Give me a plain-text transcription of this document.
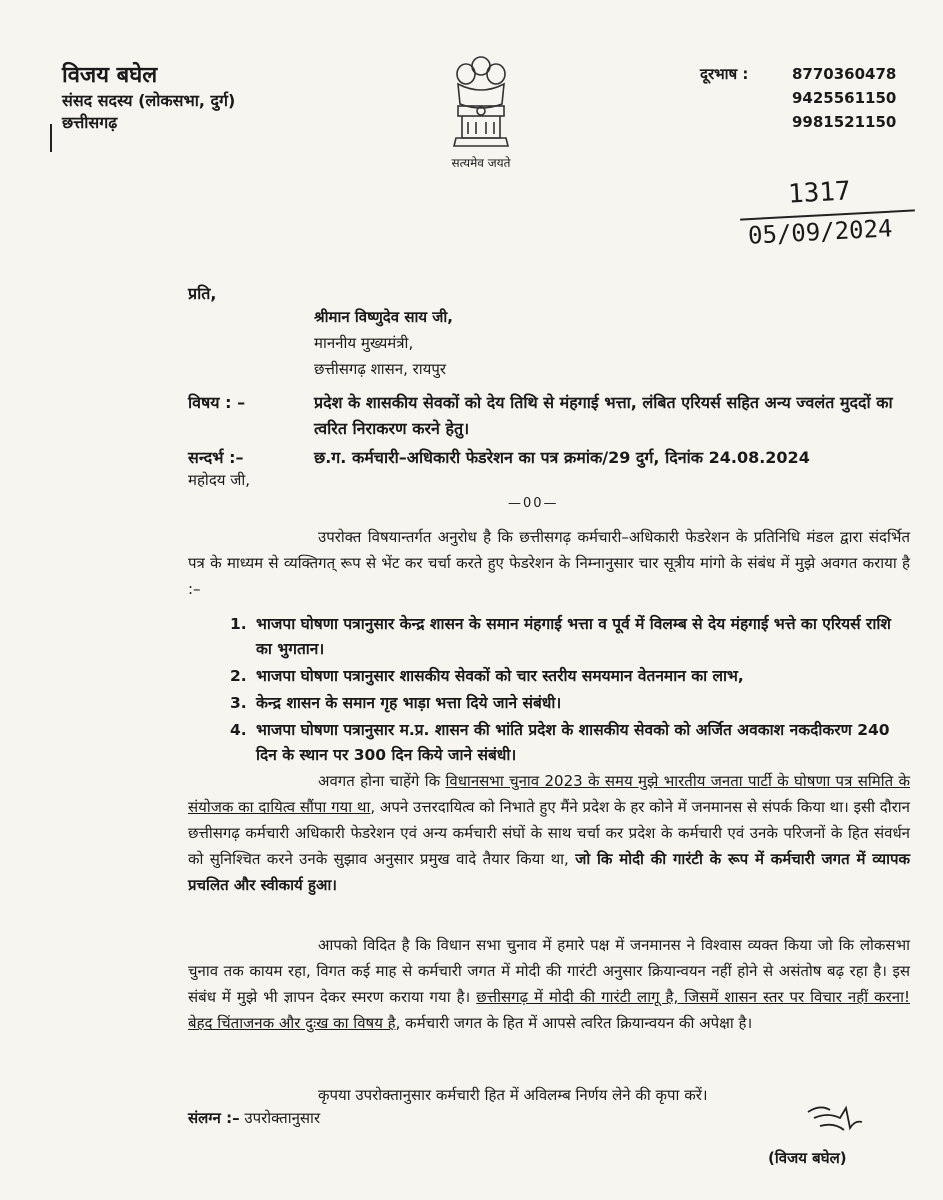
विजय बघेल
संसद सदस्य (लोकसभा, दुर्ग)
छत्तीसगढ़
सत्यमेव जयते
दूरभाष :	8770360478
9425561150
9981521150
1317
05/09/2024
प्रति,
श्रीमान विष्णुदेव साय जी,
माननीय मुख्यमंत्री,
छत्तीसगढ़ शासन, रायपुर
विषय : –	प्रदेश के शासकीय सेवकों को देय तिथि से मंहगाई भत्ता, लंबित एरियर्स सहित अन्य ज्वलंत मुददों का त्वरित निराकरण करने हेतु।
सन्दर्भ :–	छ.ग. कर्मचारी–अधिकारी फेडरेशन का पत्र क्रमांक/29 दुर्ग, दिनांक 24.08.2024
महोदय जी,
—00—
उपरोक्त विषयान्तर्गत अनुरोध है कि छत्तीसगढ़ कर्मचारी–अधिकारी फेडरेशन के प्रतिनिधि मंडल द्वारा संदर्भित पत्र के माध्यम से व्यक्तिगत् रूप से भेंट कर चर्चा करते हुए फेडरेशन के निम्नानुसार चार सूत्रीय मांगो के संबंध में मुझे अवगत कराया है :–
1. भाजपा घोषणा पत्रानुसार केन्द्र शासन के समान मंहगाई भत्ता व पूर्व में विलम्ब से देय मंहगाई भत्ते का एरियर्स राशि का भुगतान।
2. भाजपा घोषणा पत्रानुसार शासकीय सेवकों को चार स्तरीय समयमान वेतनमान का लाभ,
3. केन्द्र शासन के समान गृह भाड़ा भत्ता दिये जाने संबंधी।
4. भाजपा घोषणा पत्रानुसार म.प्र. शासन की भांति प्रदेश के शासकीय सेवको को अर्जित अवकाश नकदीकरण 240 दिन के स्थान पर 300 दिन किये जाने संबंधी।
अवगत होना चाहेंगे कि विधानसभा चुनाव 2023 के समय मुझे भारतीय जनता पार्टी के घोषणा पत्र समिति के संयोजक का दायित्व सौंपा गया था, अपने उत्तरदायित्व को निभाते हुए मैंने प्रदेश के हर कोने में जनमानस से संपर्क किया था। इसी दौरान छत्तीसगढ़ कर्मचारी अधिकारी फेडरेशन एवं अन्य कर्मचारी संघों के साथ चर्चा कर प्रदेश के कर्मचारी एवं उनके परिजनों के हित संवर्धन को सुनिश्चित करने उनके सुझाव अनुसार प्रमुख वादे तैयार किया था, जो कि मोदी की गारंटी के रूप में कर्मचारी जगत में व्यापक प्रचलित और स्वीकार्य हुआ।
आपको विदित है कि विधान सभा चुनाव में हमारे पक्ष में जनमानस ने विश्वास व्यक्त किया जो कि लोकसभा चुनाव तक कायम रहा, विगत कई माह से कर्मचारी जगत में मोदी की गारंटी अनुसार क्रियान्वयन नहीं होने से असंतोष बढ़ रहा है। इस संबंध में मुझे भी ज्ञापन देकर स्मरण कराया गया है। छत्तीसगढ़ में मोदी की गारंटी लागू है, जिसमें शासन स्तर पर विचार नहीं करना! बेहद चिंताजनक और दुःख का विषय है, कर्मचारी जगत के हित में आपसे त्वरित क्रियान्वयन की अपेक्षा है।
कृपया उपरोक्तानुसार कर्मचारी हित में अविलम्ब निर्णय लेने की कृपा करें।
संलग्न :– उपरोक्तानुसार
(विजय बघेल)
